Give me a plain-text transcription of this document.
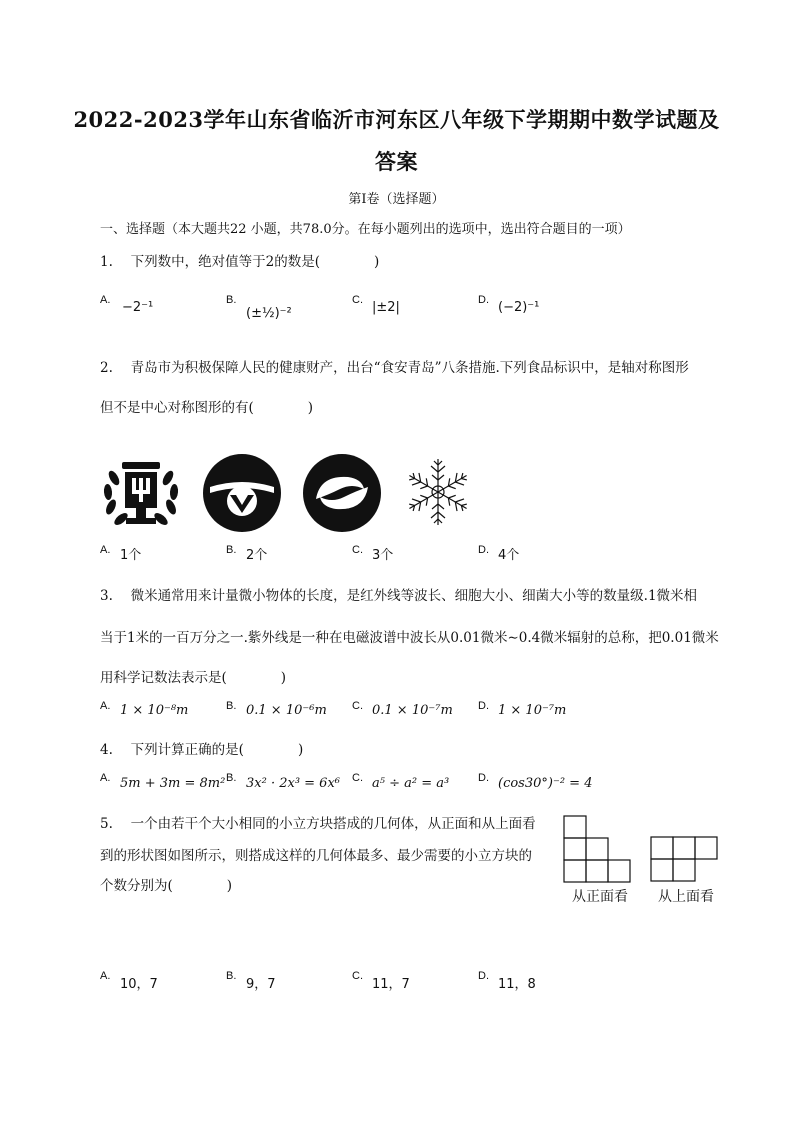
2022-2023学年山东省临沂市河东区八年级下学期期中数学试题及
答案
第I卷（选择题）
一、选择题（本大题共22 小题，共78.0分。在每小题列出的选项中，选出符合题目的一项）
1.　 下列数中，绝对值等于2的数是(　　　　)
A. −2⁻¹	B.
(±½)⁻²
C. |±2|	D. (−2)⁻¹
2.　 青岛市为积极保障人民的健康财产，出台“食安青岛”八条措施.下列食品标识中，是轴对称图形
但不是中心对称图形的有(　　　　)
A. 1个	B. 2个	C. 3个	D. 4个
3.　 微米通常用来计量微小物体的长度，是红外线等波长、细胞大小、细菌大小等的数量级.1微米相
当于1米的一百万分之一.紫外线是一种在电磁波谱中波长从0.01微米∼0.4微米辐射的总称，把0.01微米
用科学记数法表示是(　　　　)
A. 1 × 10⁻⁸m	B. 0.1 × 10⁻⁶m C. 0.1 × 10⁻⁷m D. 1 × 10⁻⁷m
4.　 下列计算正确的是(　　　　)
A. 5m + 3m = 8m² B. 3x² · 2x³ = 6x⁶ C. a⁵ ÷ a² = a³	D. (cos30°)⁻² = 4
5.　 一个由若干个大小相同的小立方块搭成的几何体，从正面和从上面看
到的形状图如图所示，则搭成这样的几何体最多、最少需要的小立方块的
个数分别为(　　　　)
从正面看 从上面看
A.
10，7
B.
9，7
C.
11，7
D.
11，8
